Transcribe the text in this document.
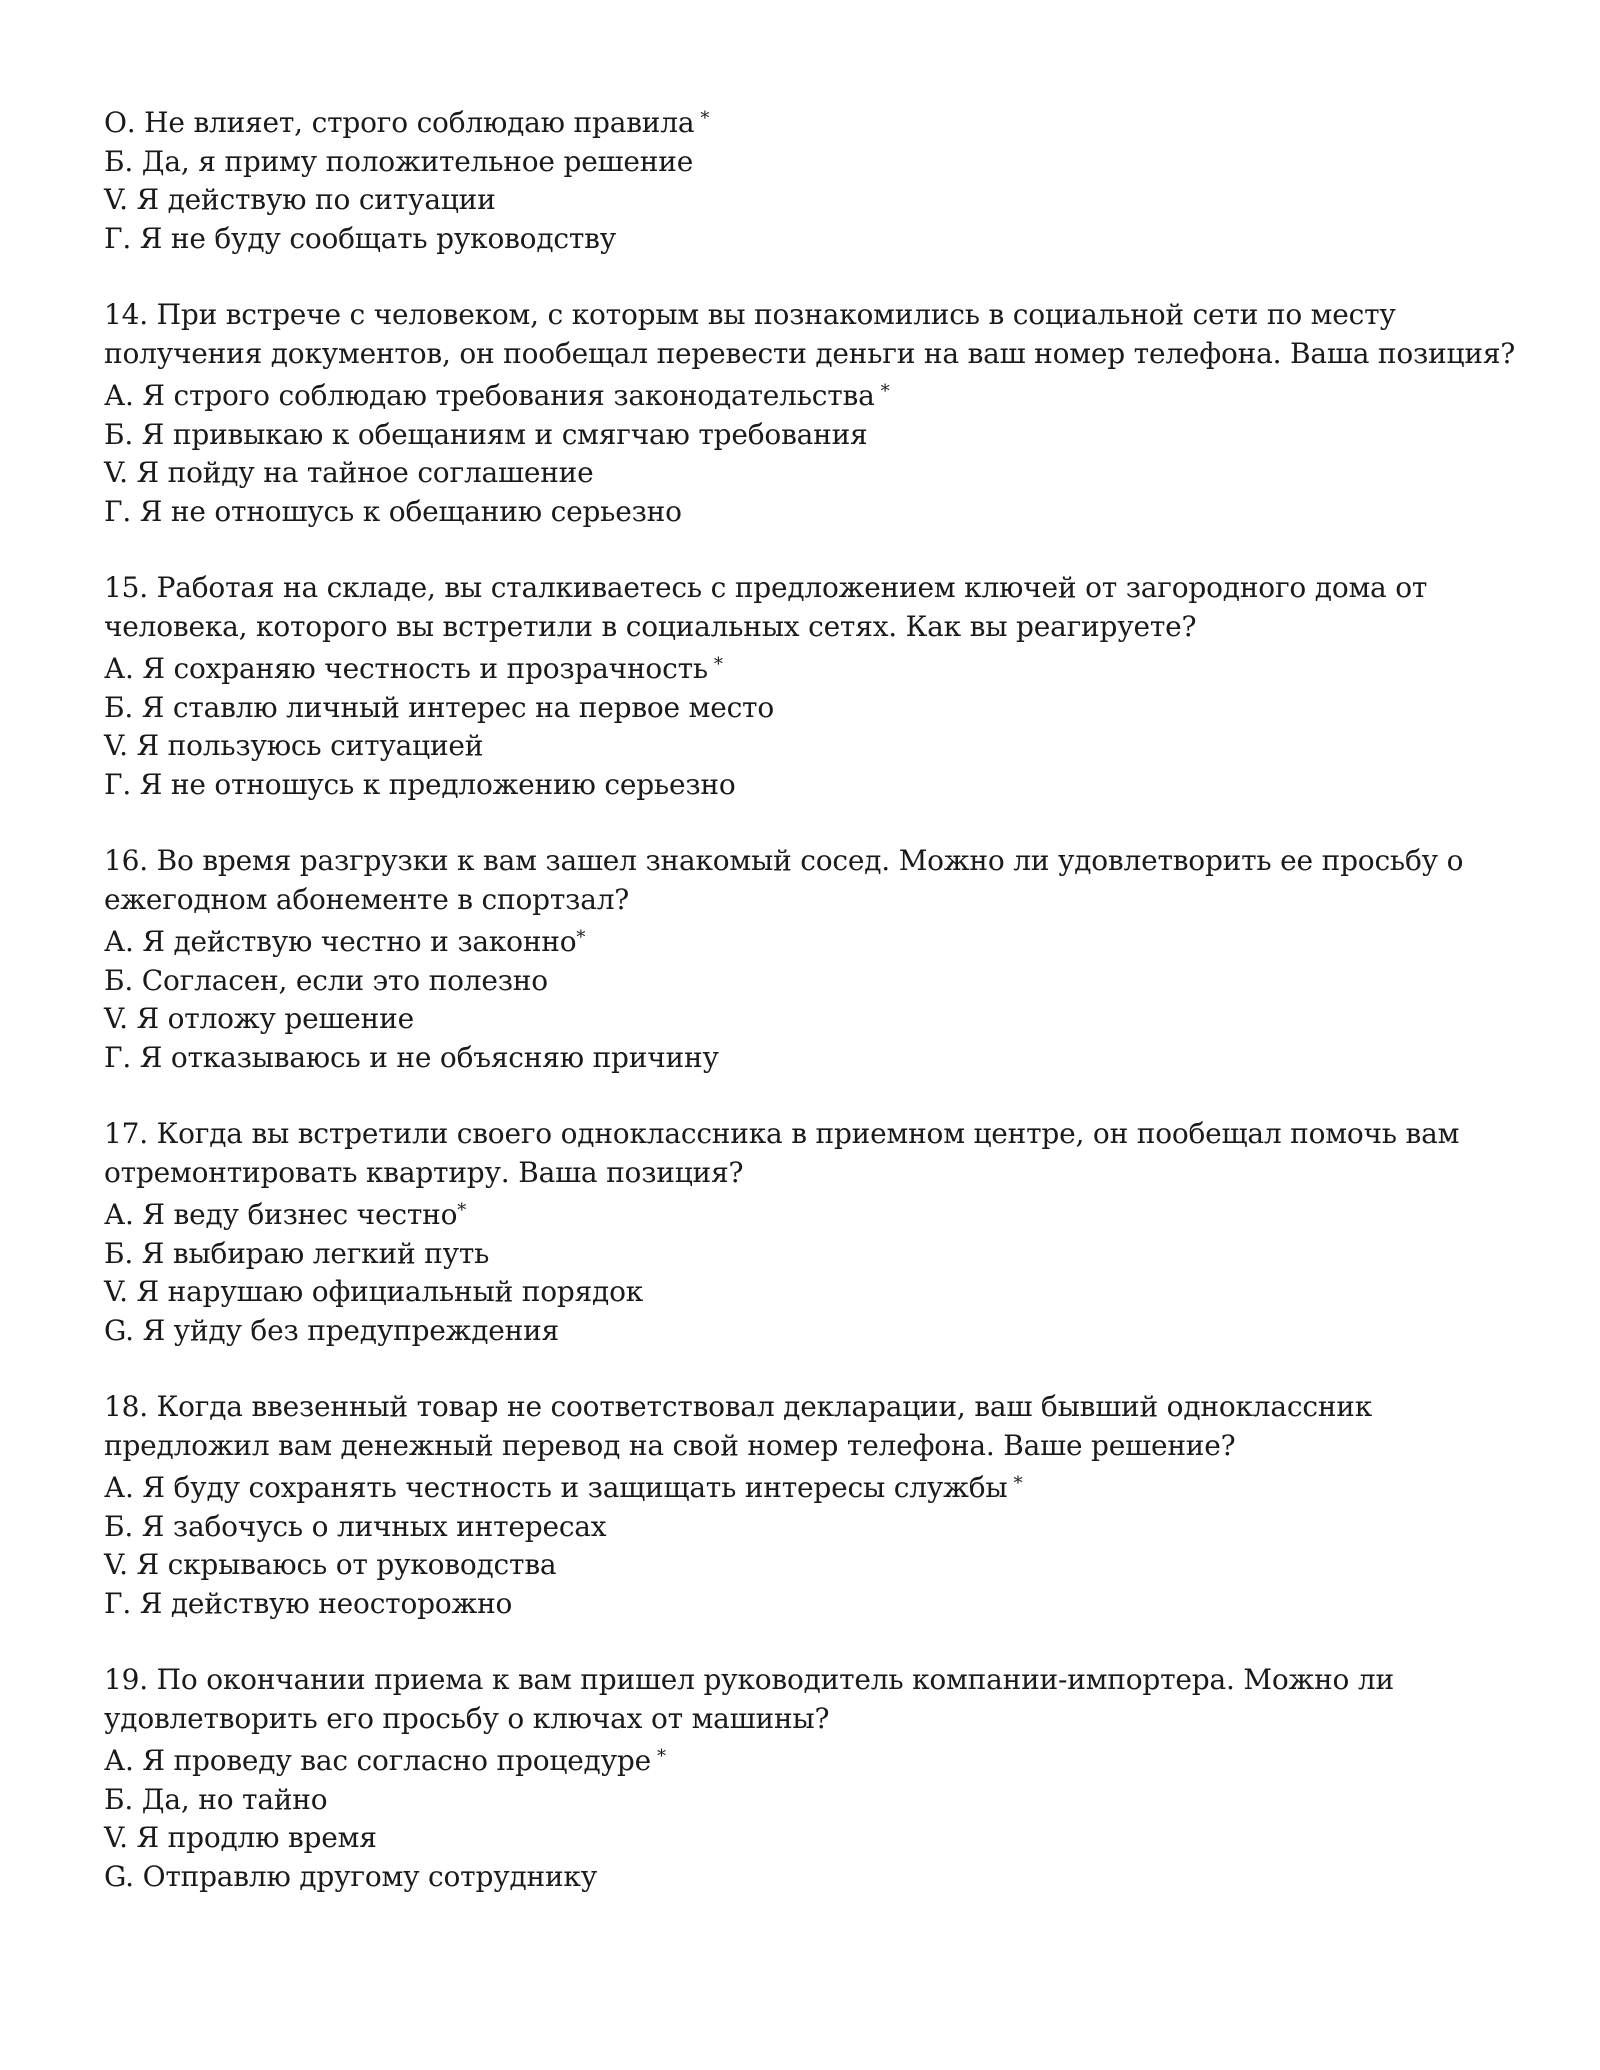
О. Не влияет, строго соблюдаю правила *
Б. Да, я приму положительное решение
V. Я действую по ситуации
Г. Я не буду сообщать руководству
14. При встрече с человеком, с которым вы познакомились в социальной сети по месту получения документов, он пообещал перевести деньги на ваш номер телефона. Ваша позиция?
А. Я строго соблюдаю требования законодательства *
Б. Я привыкаю к обещаниям и смягчаю требования
V. Я пойду на тайное соглашение
Г. Я не отношусь к обещанию серьезно
15. Работая на складе, вы сталкиваетесь с предложением ключей от загородного дома от человека, которого вы встретили в социальных сетях. Как вы реагируете?
А. Я сохраняю честность и прозрачность *
Б. Я ставлю личный интерес на первое место
V. Я пользуюсь ситуацией
Г. Я не отношусь к предложению серьезно
16. Во время разгрузки к вам зашел знакомый сосед. Можно ли удовлетворить ее просьбу о ежегодном абонементе в спортзал?
А. Я действую честно и законно*
Б. Согласен, если это полезно
V. Я отложу решение
Г. Я отказываюсь и не объясняю причину
17. Когда вы встретили своего одноклассника в приемном центре, он пообещал помочь вам отремонтировать квартиру. Ваша позиция?
А. Я веду бизнес честно*
Б. Я выбираю легкий путь
V. Я нарушаю официальный порядок
G. Я уйду без предупреждения
18. Когда ввезенный товар не соответствовал декларации, ваш бывший одноклассник предложил вам денежный перевод на свой номер телефона. Ваше решение?
А. Я буду сохранять честность и защищать интересы службы *
Б. Я забочусь о личных интересах
V. Я скрываюсь от руководства
Г. Я действую неосторожно
19. По окончании приема к вам пришел руководитель компании-импортера. Можно ли удовлетворить его просьбу о ключах от машины?
А. Я проведу вас согласно процедуре *
Б. Да, но тайно
V. Я продлю время
G. Отправлю другому сотруднику
